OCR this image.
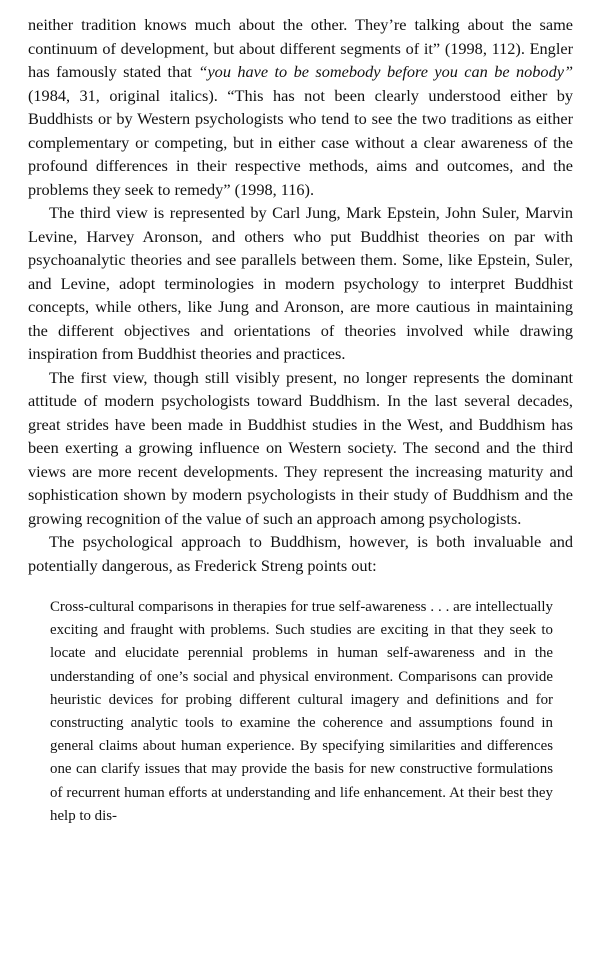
neither tradition knows much about the other. They’re talking about the same continuum of development, but about different segments of it” (1998, 112). Engler has famously stated that “you have to be somebody before you can be nobody” (1984, 31, original italics). “This has not been clearly understood either by Buddhists or by Western psychologists who tend to see the two traditions as either complementary or competing, but in either case without a clear awareness of the profound differences in their respective methods, aims and outcomes, and the problems they seek to remedy” (1998, 116).

The third view is represented by Carl Jung, Mark Epstein, John Suler, Marvin Levine, Harvey Aronson, and others who put Buddhist theories on par with psychoanalytic theories and see parallels between them. Some, like Epstein, Suler, and Levine, adopt terminologies in modern psychology to interpret Buddhist concepts, while others, like Jung and Aronson, are more cautious in maintaining the different objectives and orientations of theories involved while drawing inspiration from Buddhist theories and practices.

The first view, though still visibly present, no longer represents the dominant attitude of modern psychologists toward Buddhism. In the last several decades, great strides have been made in Buddhist studies in the West, and Buddhism has been exerting a growing influence on Western society. The second and the third views are more recent developments. They represent the increasing maturity and sophistication shown by modern psychologists in their study of Buddhism and the growing recognition of the value of such an approach among psychologists.

The psychological approach to Buddhism, however, is both invaluable and potentially dangerous, as Frederick Streng points out:

Cross-cultural comparisons in therapies for true self-awareness . . . are intellectually exciting and fraught with problems. Such studies are exciting in that they seek to locate and elucidate perennial problems in human self-awareness and in the understanding of one’s social and physical environment. Comparisons can provide heuristic devices for probing different cultural imagery and definitions and for constructing analytic tools to examine the coherence and assumptions found in general claims about human experience. By specifying similarities and differences one can clarify issues that may provide the basis for new constructive formulations of recurrent human efforts at understanding and life enhancement. At their best they help to dis-
